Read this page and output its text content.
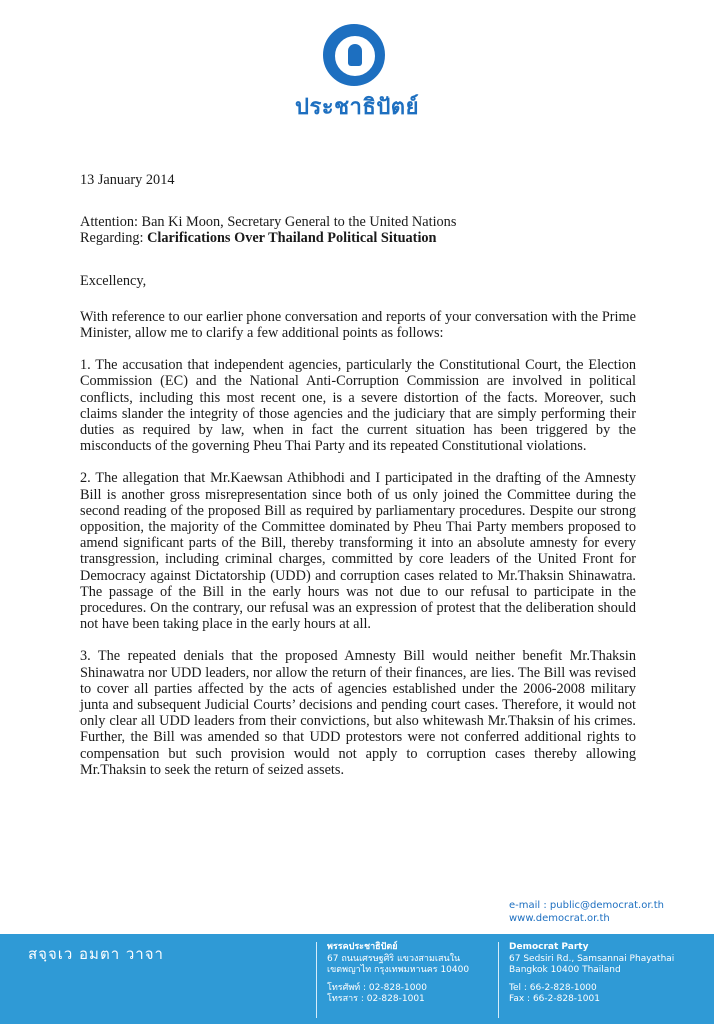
ประชาธิปัตย์

13 January 2014

Attention: Ban Ki Moon, Secretary General to the United Nations

Regarding: Clarifications Over Thailand Political Situation

Excellency,

With reference to our earlier phone conversation and reports of your conversation with the Prime Minister, allow me to clarify a few additional points as follows:

1. The accusation that independent agencies, particularly the Constitutional Court, the Election Commission (EC) and the National Anti-Corruption Commission are involved in political conflicts, including this most recent one, is a severe distortion of the facts. Moreover, such claims slander the integrity of those agencies and the judiciary that are simply performing their duties as required by law, when in fact the current situation has been triggered by the misconducts of the governing Pheu Thai Party and its repeated Constitutional violations.

2. The allegation that Mr.Kaewsan Athibhodi and I participated in the drafting of the Amnesty Bill is another gross misrepresentation since both of us only joined the Committee during the second reading of the proposed Bill as required by parliamentary procedures. Despite our strong opposition, the majority of the Committee dominated by Pheu Thai Party members proposed to amend significant parts of the Bill, thereby transforming it into an absolute amnesty for every transgression, including criminal charges, committed by core leaders of the United Front for Democracy against Dictatorship (UDD) and corruption cases related to Mr.Thaksin Shinawatra. The passage of the Bill in the early hours was not due to our refusal to participate in the procedures. On the contrary, our refusal was an expression of protest that the deliberation should not have been taking place in the early hours at all.

3. The repeated denials that the proposed Amnesty Bill would neither benefit Mr.Thaksin Shinawatra nor UDD leaders, nor allow the return of their finances, are lies. The Bill was revised to cover all parties affected by the acts of agencies established under the 2006-2008 military junta and subsequent Judicial Courts’ decisions and pending court cases. Therefore, it would not only clear all UDD leaders from their convictions, but also whitewash Mr.Thaksin of his crimes. Further, the Bill was amended so that UDD protestors were not conferred additional rights to compensation but such provision would not apply to corruption cases thereby allowing Mr.Thaksin to seek the return of seized assets.

e-mail : public@democrat.or.th
www.democrat.or.th
สจฺจเว อมตา วาจา	พรรคประชาธิปัตย์
67 ถนนเศรษฐศิริ แขวงสามเสนใน
เขตพญาไท กรุงเทพมหานคร 10400
โทรศัพท์ : 02-828-1000
โทรสาร : 02-828-1001
Democrat Party
67 Sedsiri Rd., Samsannai Phayathai
Bangkok 10400 Thailand
Tel : 66-2-828-1000
Fax : 66-2-828-1001
